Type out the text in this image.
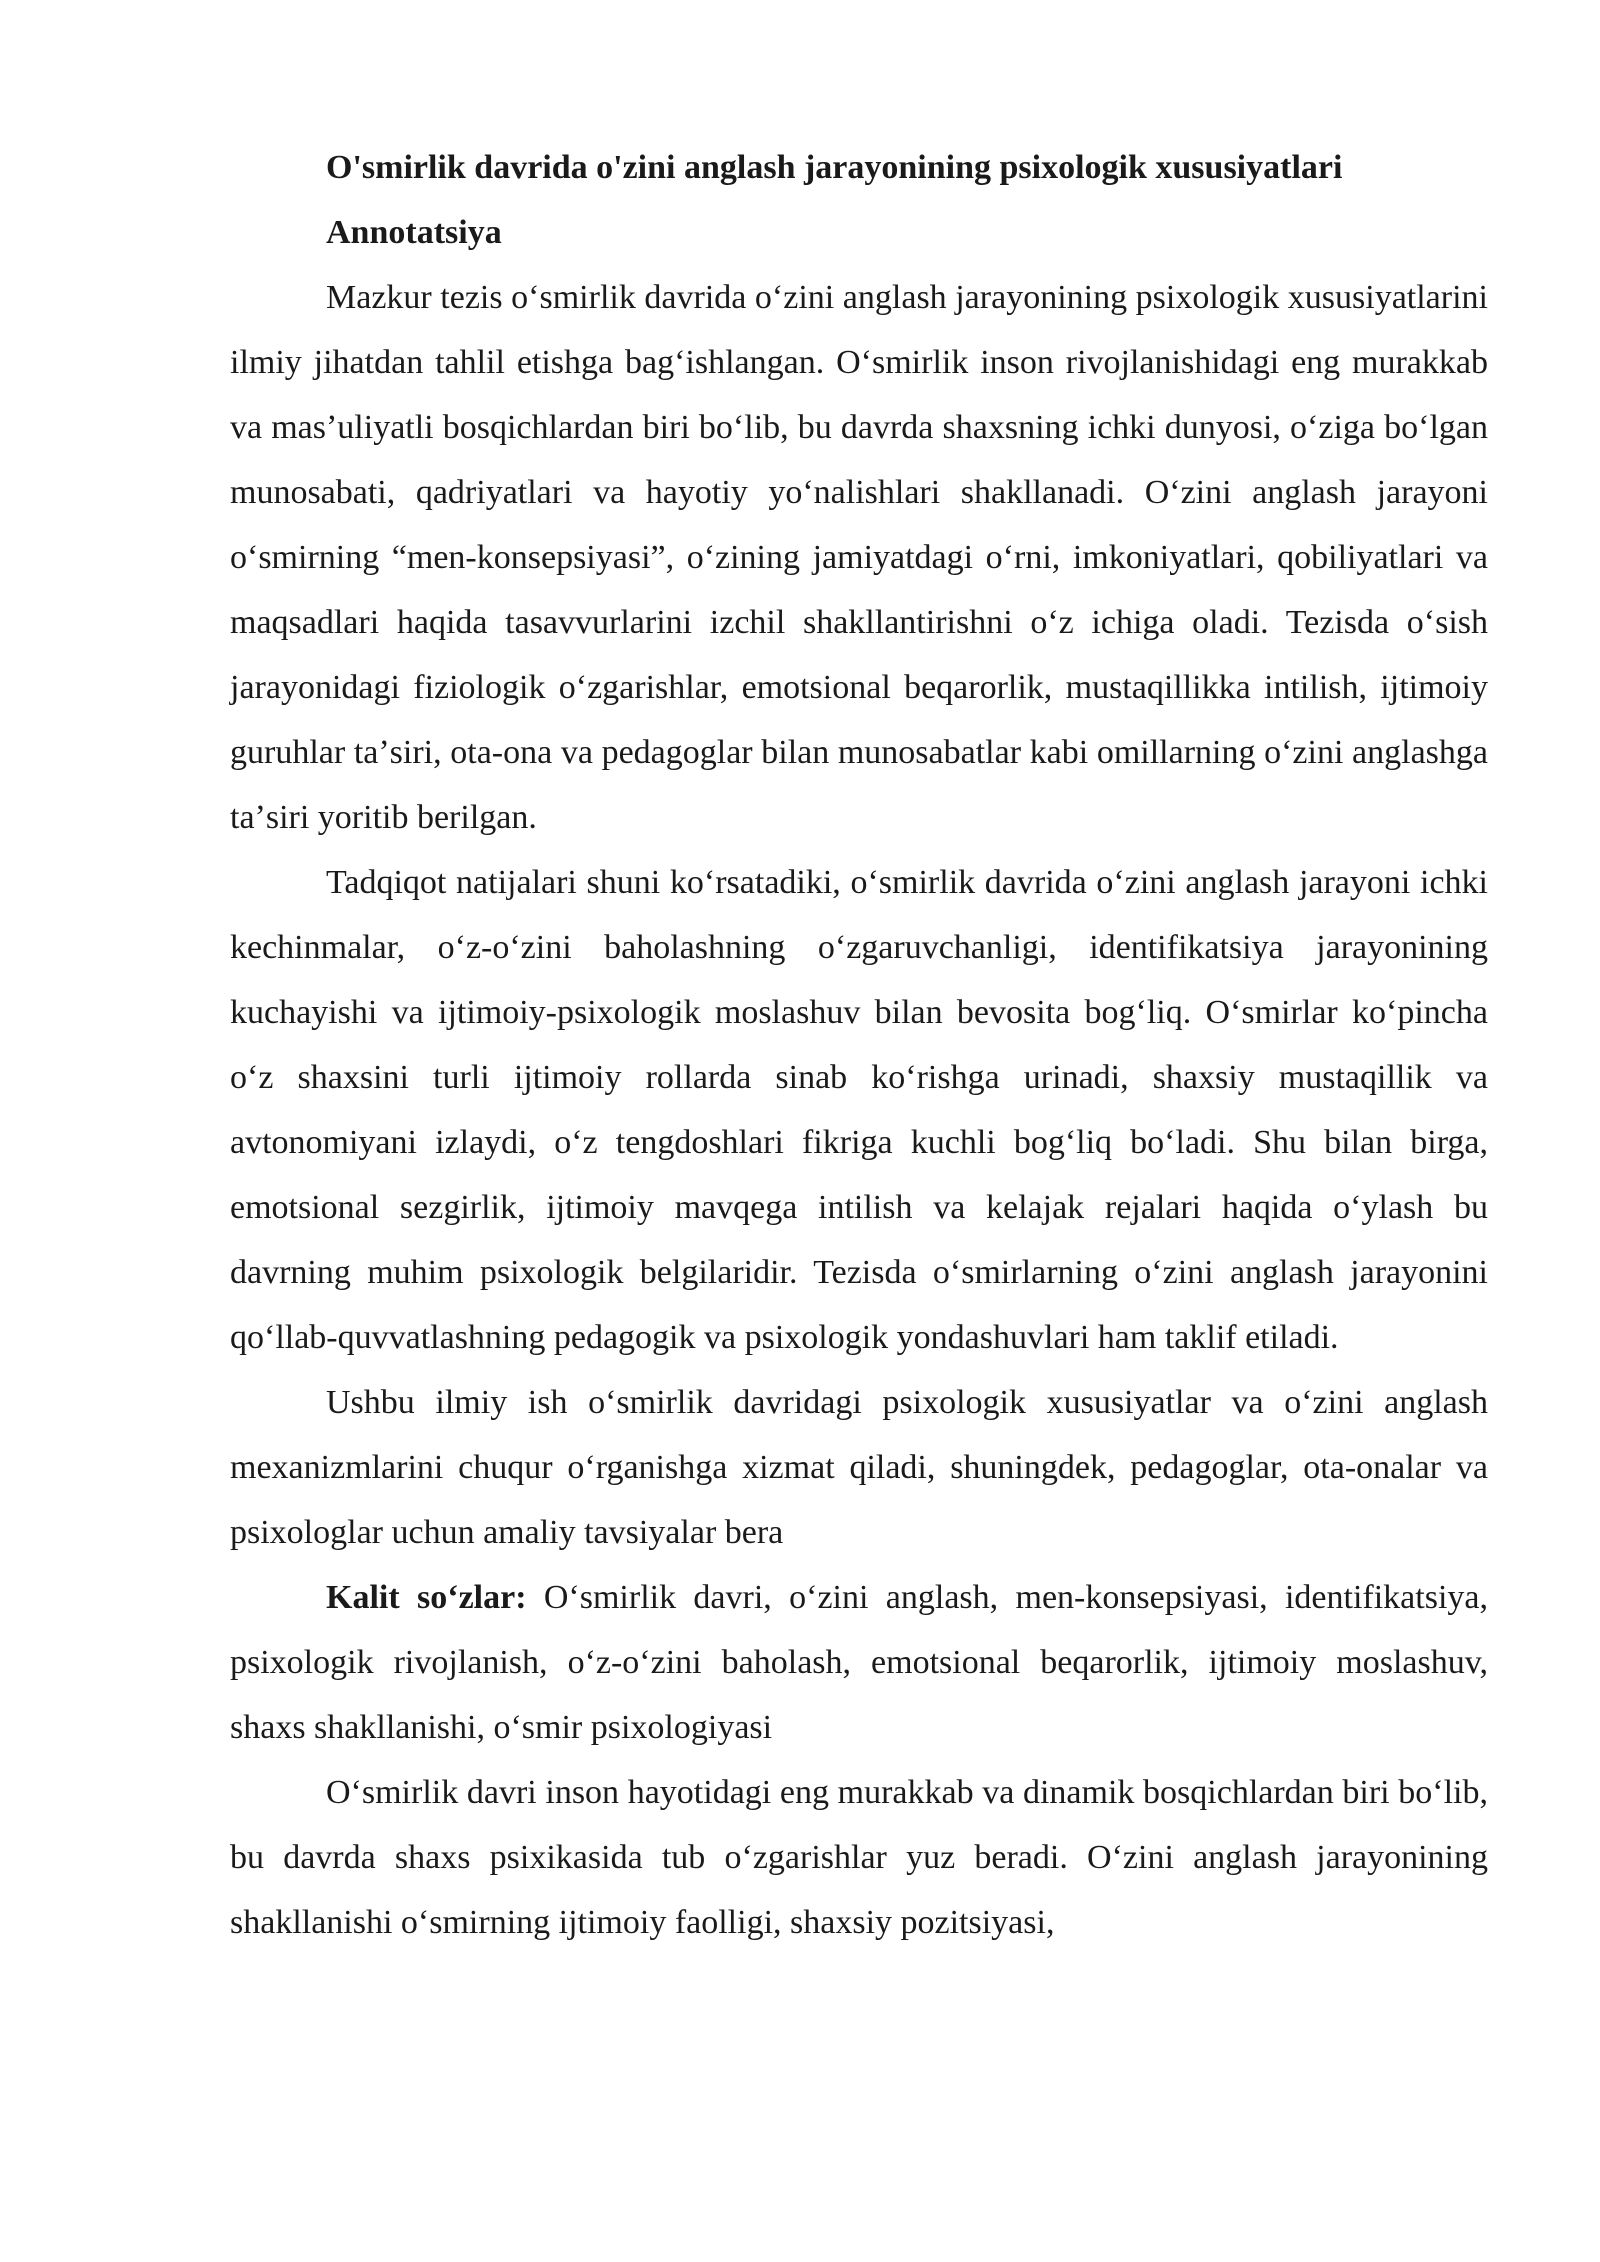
O'smirlik davrida o'zini anglash jarayonining psixologik xususiyatlari

Annotatsiya

Mazkur tezis oʻsmirlik davrida oʻzini anglash jarayonining psixologik xususiyatlarini ilmiy jihatdan tahlil etishga bagʻishlangan. Oʻsmirlik inson rivojlanishidagi eng murakkab va masʼuliyatli bosqichlardan biri boʻlib, bu davrda shaxsning ichki dunyosi, oʻziga boʻlgan munosabati, qadriyatlari va hayotiy yoʻnalishlari shakllanadi. Oʻzini anglash jarayoni oʻsmirning “men-konsepsiyasi”, oʻzining jamiyatdagi oʻrni, imkoniyatlari, qobiliyatlari va maqsadlari haqida tasavvurlarini izchil shakllantirishni oʻz ichiga oladi. Tezisda oʻsish jarayonidagi fiziologik oʻzgarishlar, emotsional beqarorlik, mustaqillikka intilish, ijtimoiy guruhlar taʼsiri, ota-ona va pedagoglar bilan munosabatlar kabi omillarning oʻzini anglashga taʼsiri yoritib berilgan.

Tadqiqot natijalari shuni koʻrsatadiki, oʻsmirlik davrida oʻzini anglash jarayoni ichki kechinmalar, oʻz-oʻzini baholashning oʻzgaruvchanligi, identifikatsiya jarayonining kuchayishi va ijtimoiy-psixologik moslashuv bilan bevosita bogʻliq. Oʻsmirlar koʻpincha oʻz shaxsini turli ijtimoiy rollarda sinab koʻrishga urinadi, shaxsiy mustaqillik va avtonomiyani izlaydi, oʻz tengdoshlari fikriga kuchli bogʻliq boʻladi. Shu bilan birga, emotsional sezgirlik, ijtimoiy mavqega intilish va kelajak rejalari haqida oʻylash bu davrning muhim psixologik belgilaridir. Tezisda oʻsmirlarning oʻzini anglash jarayonini qoʻllab-quvvatlashning pedagogik va psixologik yondashuvlari ham taklif etiladi.

Ushbu ilmiy ish oʻsmirlik davridagi psixologik xususiyatlar va oʻzini anglash mexanizmlarini chuqur oʻrganishga xizmat qiladi, shuningdek, pedagoglar, ota-onalar va psixologlar uchun amaliy tavsiyalar bera

Kalit soʻzlar: Oʻsmirlik davri, oʻzini anglash, men-konsepsiyasi, identifikatsiya, psixologik rivojlanish, oʻz-oʻzini baholash, emotsional beqarorlik, ijtimoiy moslashuv, shaxs shakllanishi, oʻsmir psixologiyasi

Oʻsmirlik davri inson hayotidagi eng murakkab va dinamik bosqichlardan biri boʻlib, bu davrda shaxs psixikasida tub oʻzgarishlar yuz beradi. Oʻzini anglash jarayonining shakllanishi oʻsmirning ijtimoiy faolligi, shaxsiy pozitsiyasi,
